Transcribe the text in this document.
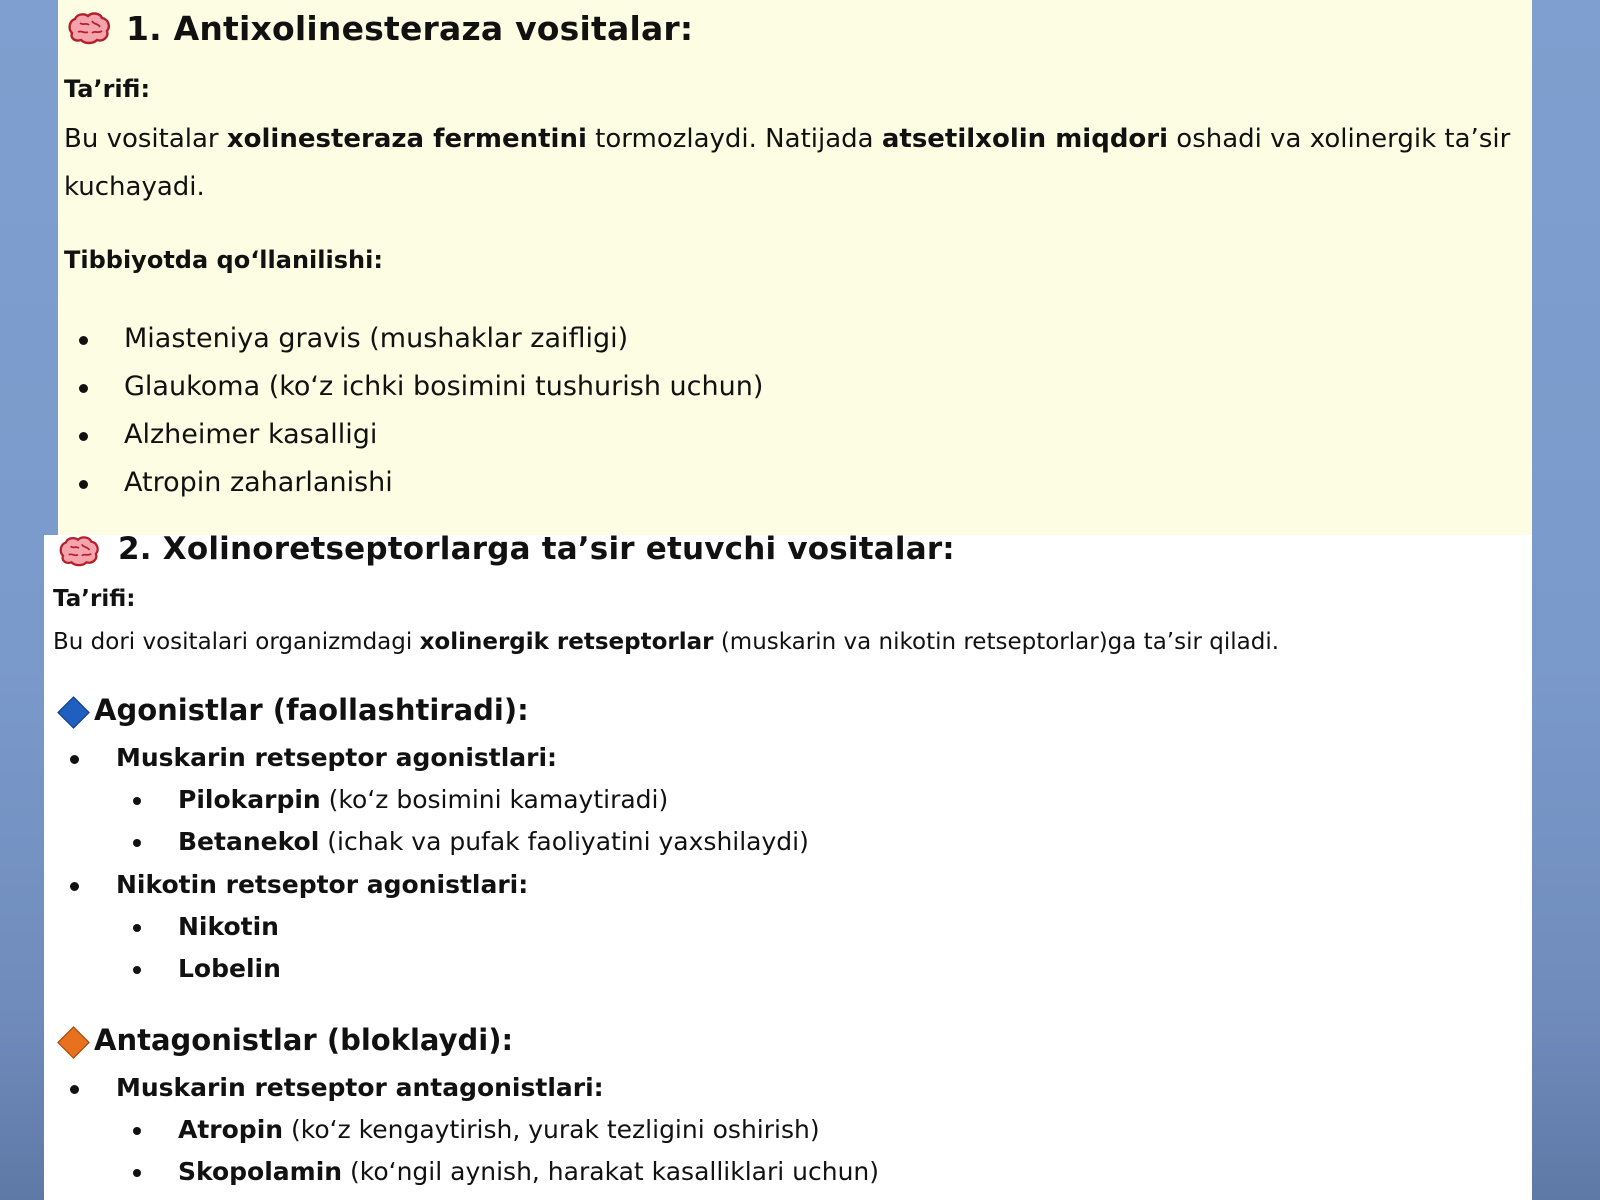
1. Antixolinesteraza vositalar:
Ta’rifi:
Bu vositalar xolinesteraza fermentini tormozlaydi. Natijada atsetilxolin miqdori oshadi va xolinergik ta’sir
kuchayadi.
Tibbiyotda qo‘llanilishi:
Miasteniya gravis (mushaklar zaifligi)
Glaukoma (ko‘z ichki bosimini tushurish uchun)
Alzheimer kasalligi
Atropin zaharlanishi
2. Xolinoretseptorlarga ta’sir etuvchi vositalar:
Ta’rifi:
Bu dori vositalari organizmdagi xolinergik retseptorlar (muskarin va nikotin retseptorlar)ga ta’sir qiladi.
Agonistlar (faollashtiradi):
Muskarin retseptor agonistlari:
Pilokarpin (ko‘z bosimini kamaytiradi)
Betanekol (ichak va pufak faoliyatini yaxshilaydi)
Nikotin retseptor agonistlari:
Nikotin
Lobelin
Antagonistlar (bloklaydi):
Muskarin retseptor antagonistlari:
Atropin (ko‘z kengaytirish, yurak tezligini oshirish)
Skopolamin (ko‘ngil aynish, harakat kasalliklari uchun)
